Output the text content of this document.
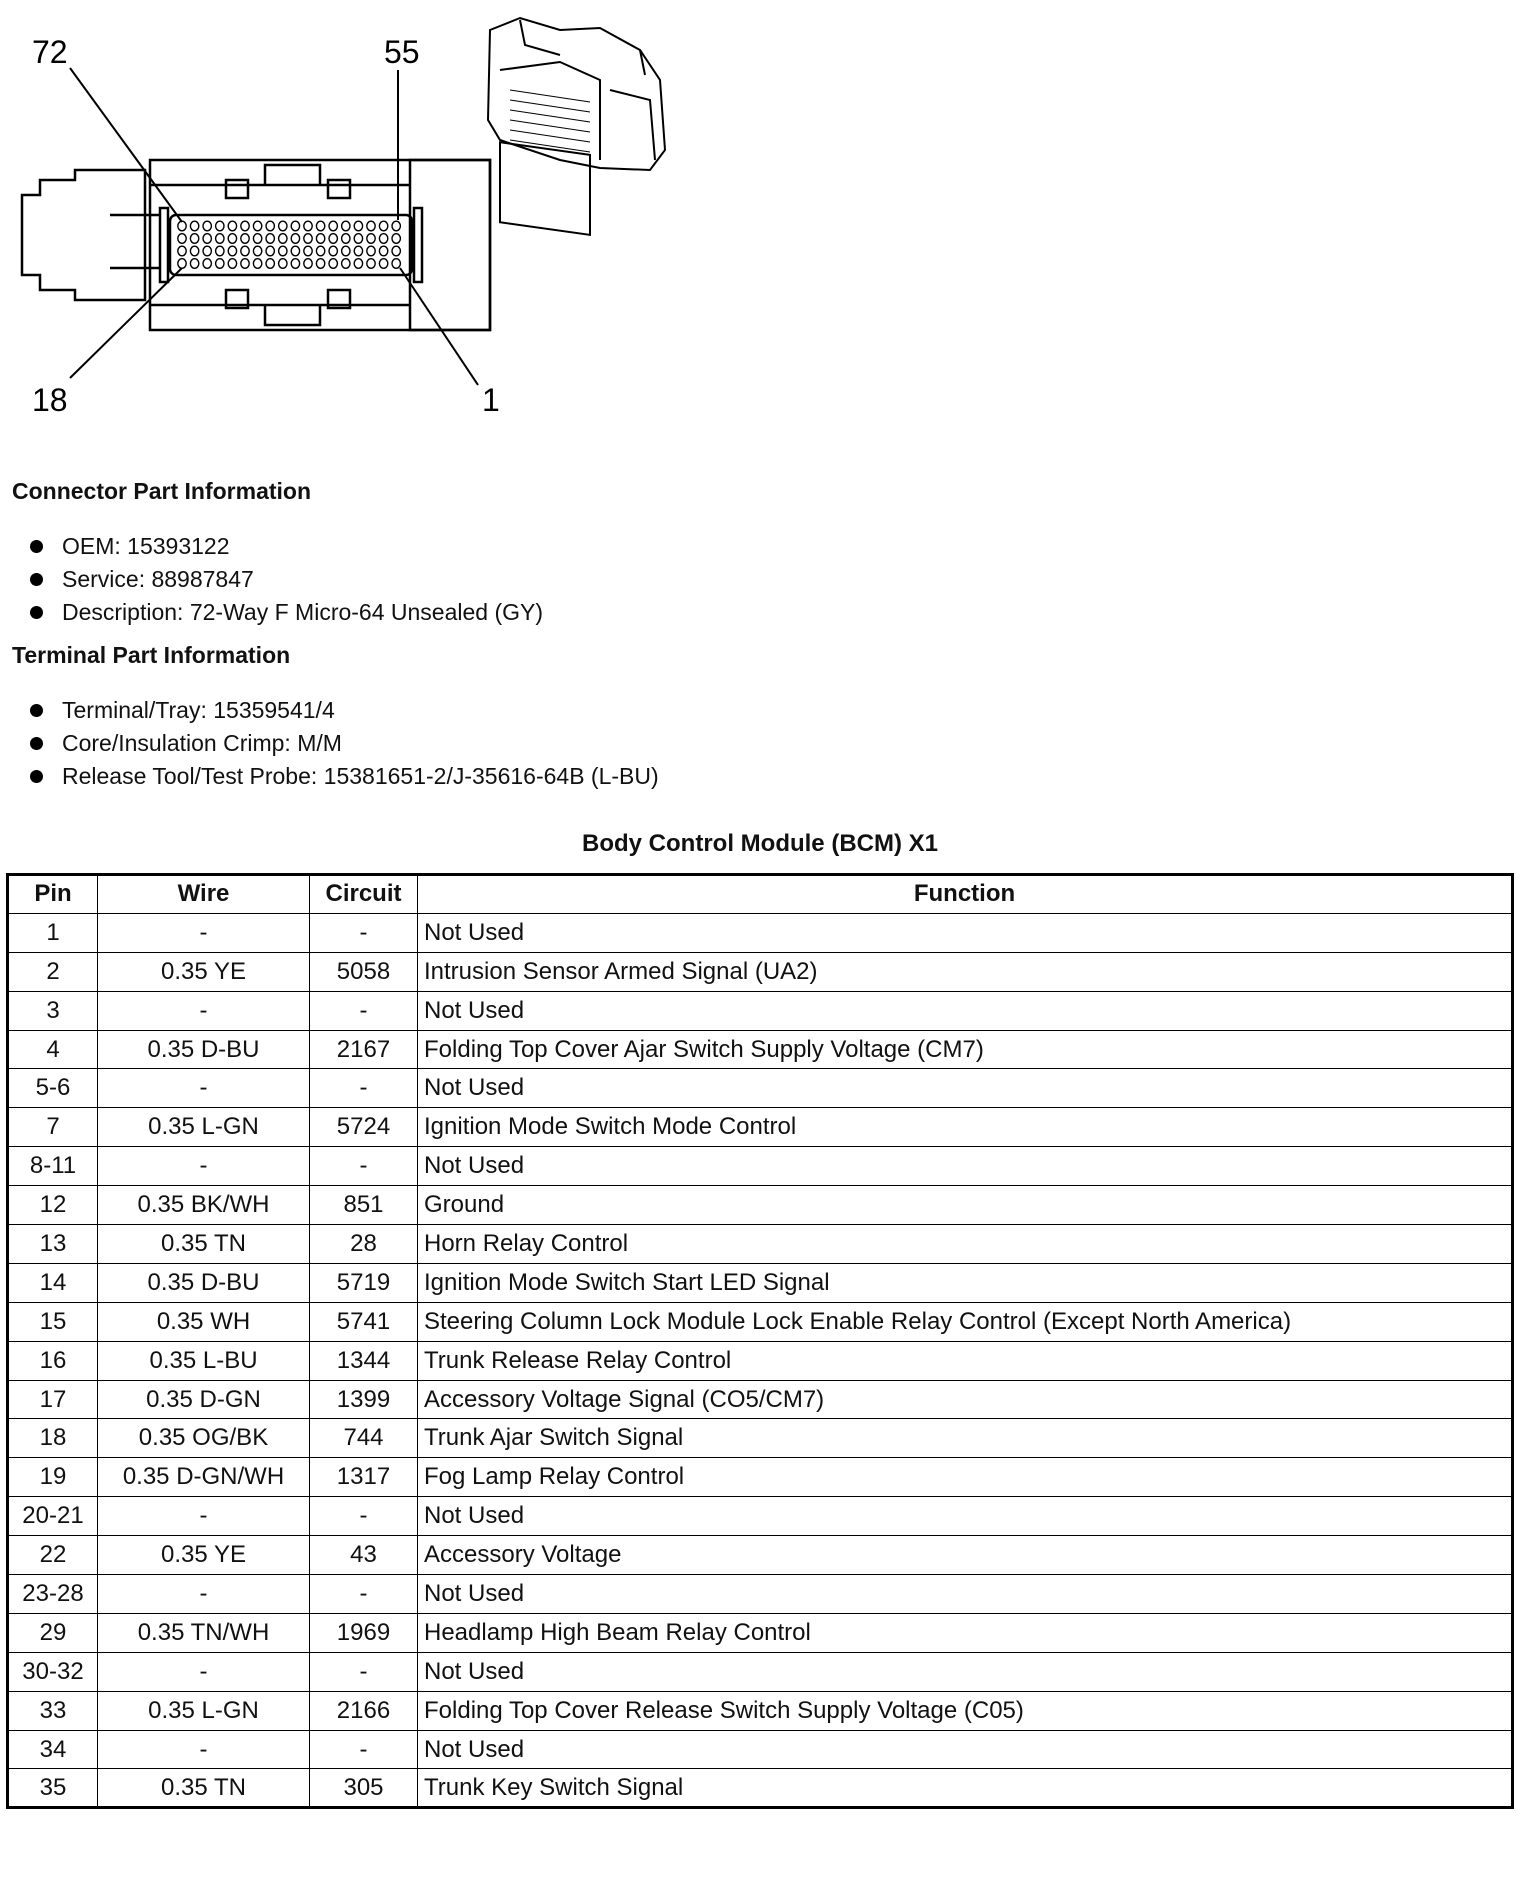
72	55
18	1
Connector Part Information
OEM: 15393122
Service: 88987847
Description: 72-Way F Micro-64 Unsealed (GY)
Terminal Part Information
Terminal/Tray: 15359541/4
Core/Insulation Crimp: M/M
Release Tool/Test Probe: 15381651-2/J-35616-64B (L-BU)
Body Control Module (BCM) X1
Pin	Wire	Circuit	Function
1	-	-	Not Used
2	0.35 YE	5058	Intrusion Sensor Armed Signal (UA2)
3	-	-	Not Used
4	0.35 D-BU	2167	Folding Top Cover Ajar Switch Supply Voltage (CM7)
5-6	-	-	Not Used
7	0.35 L-GN	5724	Ignition Mode Switch Mode Control
8-11	-	-	Not Used
12	0.35 BK/WH	851	Ground
13	0.35 TN	28	Horn Relay Control
14	0.35 D-BU	5719	Ignition Mode Switch Start LED Signal
15	0.35 WH	5741	Steering Column Lock Module Lock Enable Relay Control (Except North America)
16	0.35 L-BU	1344	Trunk Release Relay Control
17	0.35 D-GN	1399	Accessory Voltage Signal (CO5/CM7)
18	0.35 OG/BK	744	Trunk Ajar Switch Signal
19	0.35 D-GN/WH	1317	Fog Lamp Relay Control
20-21	-	-	Not Used
22	0.35 YE	43	Accessory Voltage
23-28	-	-	Not Used
29	0.35 TN/WH	1969	Headlamp High Beam Relay Control
30-32	-	-	Not Used
33	0.35 L-GN	2166	Folding Top Cover Release Switch Supply Voltage (C05)
34	-	-	Not Used
35	0.35 TN	305	Trunk Key Switch Signal
